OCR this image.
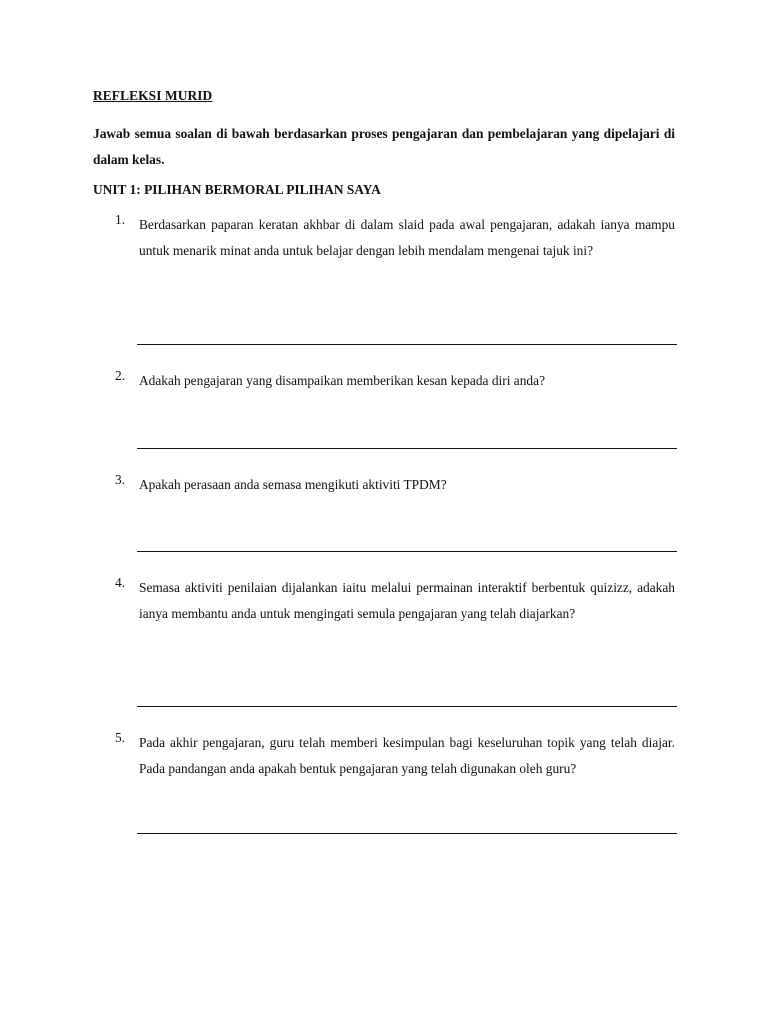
REFLEKSI MURID
Jawab semua soalan di bawah berdasarkan proses pengajaran dan pembelajaran yang dipelajari di dalam kelas.
UNIT 1: PILIHAN BERMORAL PILIHAN SAYA
1.	Berdasarkan paparan keratan akhbar di dalam slaid pada awal pengajaran, adakah ianya mampu untuk menarik minat anda untuk belajar dengan lebih mendalam mengenai tajuk ini?
2.	Adakah pengajaran yang disampaikan memberikan kesan kepada diri anda?
3.	Apakah perasaan anda semasa mengikuti aktiviti TPDM?
4.	Semasa aktiviti penilaian dijalankan iaitu melalui permainan interaktif berbentuk quizizz, adakah ianya membantu anda untuk mengingati semula pengajaran yang telah diajarkan?
5.	Pada akhir pengajaran, guru telah memberi kesimpulan bagi keseluruhan topik yang telah diajar. Pada pandangan anda apakah bentuk pengajaran yang telah digunakan oleh guru?
